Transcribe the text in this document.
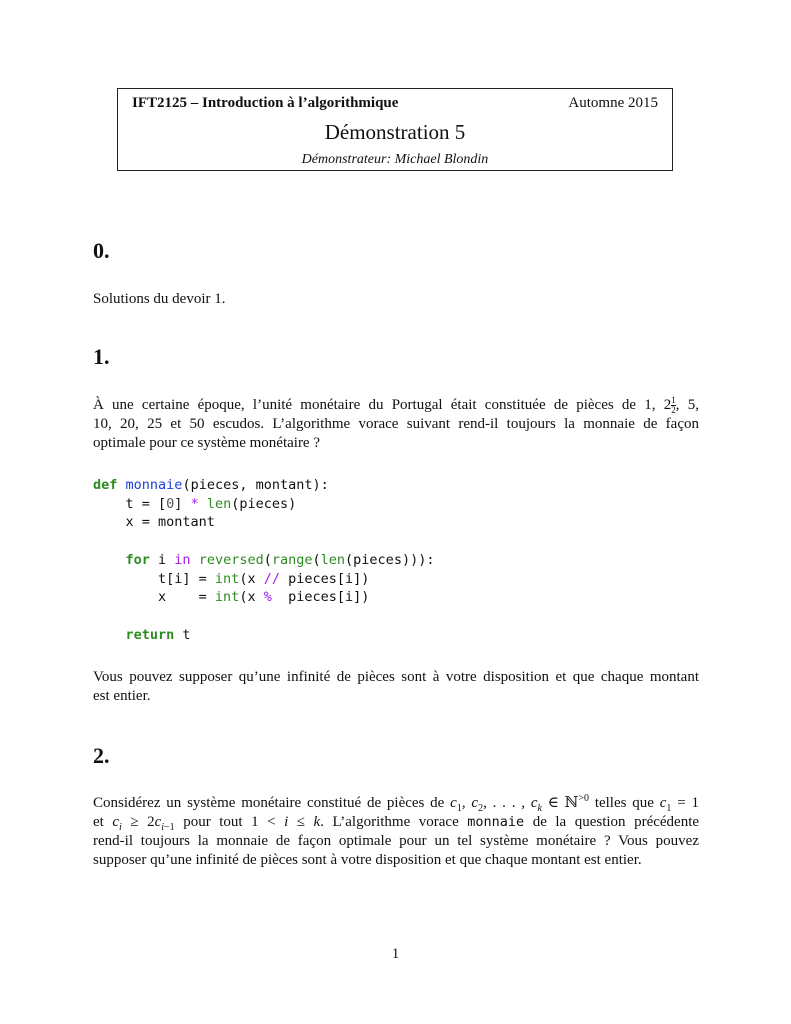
IFT2125 – Introduction à l’algorithmique	Automne 2015
Démonstration 5
Démonstrateur: Michael Blondin
0.
Solutions du devoir 1.
1.
À une certaine époque, l’unité monétaire du Portugal était constituée de pièces de 1, $2 \frac{1}{2}$ , 5,
10, 20, 25 et 50 escudos. L’algorithme vorace suivant rend-il toujours la monnaie de façon
optimale pour ce système monétaire ?
def monnaie(pieces, montant):
t = [0] * len(pieces)
x = montant

for i in reversed(range(len(pieces))):
t[i] = int(x // pieces[i])
x    = int(x %  pieces[i])

return t
Vous pouvez supposer qu’une infinité de pièces sont à votre disposition et que chaque montant
est entier.
2.
Considérez un système monétaire constitué de pièces de $c_1$, $c_2$, . . . , $c_k$ ∈ ℕ$^{>0}$ telles que $c_1 = 1$
et $c_i \ge 2c_{i-1}$ pour tout 1 < i ≤ k. L’algorithme vorace monnaie de la question précédente
rend-il toujours la monnaie de façon optimale pour un tel système monétaire ? Vous pouvez
supposer qu’une infinité de pièces sont à votre disposition et que chaque montant est entier.
1
